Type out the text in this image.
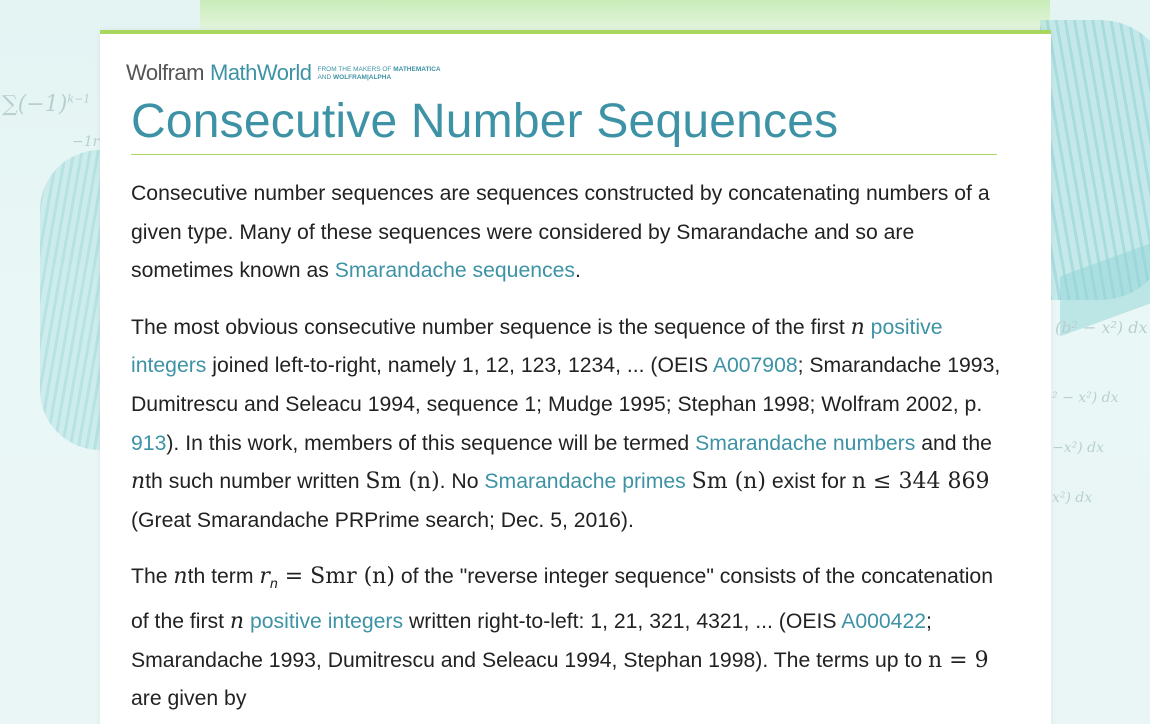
$\sum(-1)^{k-1}$
−1r
(b² − x²) dx
² − x²) dx
−x²) dx
x²) dx
Wolfram MathWorld FROM THE MAKERS OF MATHEMATICA
AND WOLFRAM|ALPHA
Consecutive Number Sequences

Consecutive number sequences are sequences constructed by concatenating numbers of a given type. Many of these sequences were considered by Smarandache and so are sometimes known as Smarandache sequences.

The most obvious consecutive number sequence is the sequence of the first n positive integers joined left-to-right, namely 1, 12, 123, 1234, ... (OEIS A007908; Smarandache 1993, Dumitrescu and Seleacu 1994, sequence 1; Mudge 1995; Stephan 1998; Wolfram 2002, p. 913). In this work, members of this sequence will be termed Smarandache numbers and the nth such number written Sm (n). No Smarandache primes Sm (n) exist for n ≤ 344 869 (Great Smarandache PRPrime search; Dec. 5, 2016).

The nth term $r_n$ = Smr (n) of the "reverse integer sequence" consists of the concatenation of the first n positive integers written right-to-left: 1, 21, 321, 4321, ... (OEIS A000422; Smarandache 1993, Dumitrescu and Seleacu 1994, Stephan 1998). The terms up to n = 9 are given by
